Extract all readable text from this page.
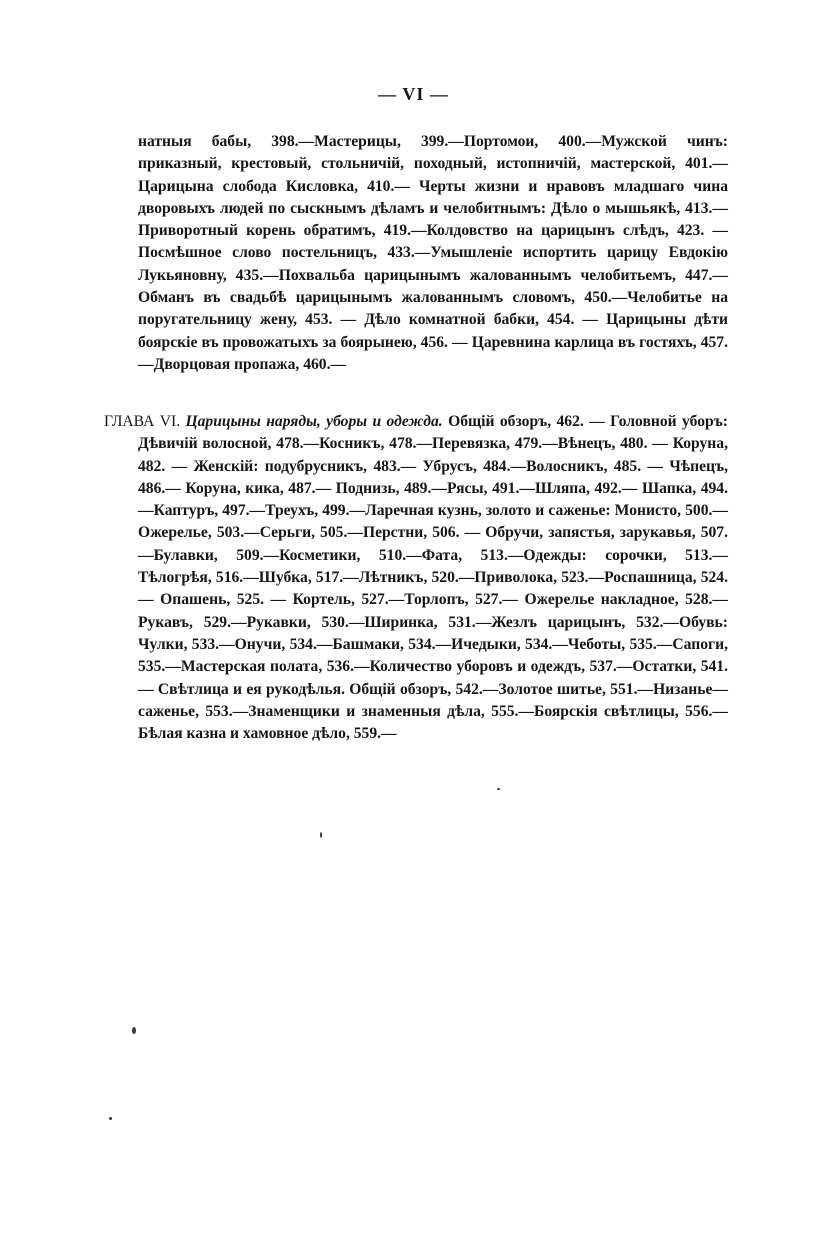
— VI —
натныя бабы, 398.—Мастерицы, 399.—Портомои, 400.—Мужской чинъ: приказный, крестовый, стольничiй, походный, истопничiй, мастерской, 401.— Царицына слобода Кисловка, 410.— Черты жизни и нравовъ младшаго чина дворовыхъ людей по сыскнымъ дѣламъ и челобитнымъ: Дѣло о мышьякѣ, 413.—Приворотный корень обратимъ, 419.—Колдовство на царицынъ слѣдъ, 423. — Посмѣшное слово постельницъ, 433.—Умышленiе испортить царицу Евдокiю Лукьяновну, 435.—Похвальба царицынымъ жалованнымъ челобитьемъ, 447.—Обманъ въ свадьбѣ царицынымъ жалованнымъ словомъ, 450.—Челобитье на поругательницу жену, 453. — Дѣло комнатной бабки, 454. — Царицыны дѣти боярскiе въ провожатыхъ за боярынею, 456. — Царевнина карлица въ гостяхъ, 457.—Дворцовая пропажа, 460.—
ГЛАВА VI. Царицыны наряды, уборы и одежда. Общiй обзоръ, 462. — Головной уборъ: Дѣвичiй волосной, 478.—Косникъ, 478.—Перевязка, 479.—Вѣнецъ, 480. — Коруна, 482. — Женскiй: подубрусникъ, 483.— Убрусъ, 484.—Волосникъ, 485. — Чѣпецъ, 486.— Коруна, кика, 487.— Поднизь, 489.—Рясы, 491.—Шляпа, 492.— Шапка, 494.—Каптуръ, 497.—Треухъ, 499.—Ларечная кузнь, золото и саженье: Монисто, 500.—Ожерелье, 503.—Серьги, 505.—Перстни, 506. — Обручи, запястья, зарукавья, 507.—Булавки, 509.—Косметики, 510.—Фата, 513.—Одежды: сорочки, 513.—Тѣлогрѣя, 516.—Шубка, 517.—Лѣтникъ, 520.—Приволока, 523.—Роспашница, 524.— Опашень, 525. — Кортель, 527.—Торлопъ, 527.— Ожерелье накладное, 528.—Рукавъ, 529.—Рукавки, 530.—Ширинка, 531.—Жезлъ царицынъ, 532.—Обувь: Чулки, 533.—Онучи, 534.—Башмаки, 534.—Ичедыки, 534.—Чеботы, 535.—Сапоги, 535.—Мастерская полата, 536.—Количество уборовъ и одеждъ, 537.—Остатки, 541. — Свѣтлица и ея рукодѣлья. Общiй обзоръ, 542.—Золотое шитье, 551.—Низанье—саженье, 553.—Знаменщики и знаменныя дѣла, 555.—Боярскiя свѣтлицы, 556.—Бѣлая казна и хамовное дѣло, 559.—
